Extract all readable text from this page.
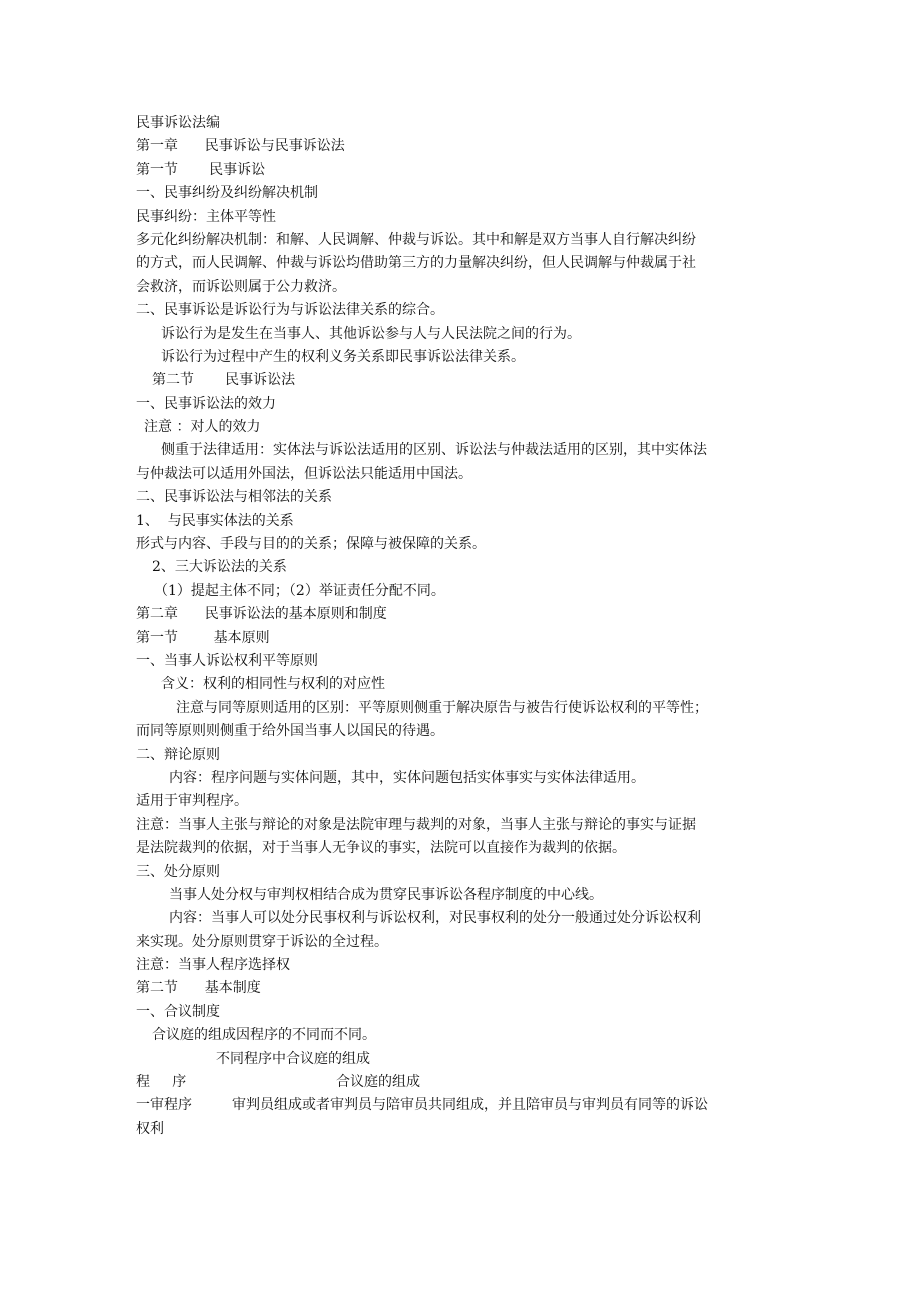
民事诉讼法编
第一章      民事诉讼与民事诉讼法
第一节       民事诉讼
一、民事纠纷及纠纷解决机制
民事纠纷：主体平等性
多元化纠纷解决机制：和解、人民调解、仲裁与诉讼。其中和解是双方当事人自行解决纠纷
的方式，而人民调解、仲裁与诉讼均借助第三方的力量解决纠纷，但人民调解与仲裁属于社
会救济，而诉讼则属于公力救济。
二、民事诉讼是诉讼行为与诉讼法律关系的综合。
诉讼行为是发生在当事人、其他诉讼参与人与人民法院之间的行为。
诉讼行为过程中产生的权利义务关系即民事诉讼法律关系。
第二节       民事诉讼法
一、民事诉讼法的效力
注意 ：对人的效力
侧重于法律适用：实体法与诉讼法适用的区别、诉讼法与仲裁法适用的区别，其中实体法
与仲裁法可以适用外国法，但诉讼法只能适用中国法。
二、民事诉讼法与相邻法的关系
1、  与民事实体法的关系
形式与内容、手段与目的的关系；保障与被保障的关系。
2、三大诉讼法的关系
（1）提起主体不同；（2）举证责任分配不同。
第二章      民事诉讼法的基本原则和制度
第一节        基本原则
一、当事人诉讼权利平等原则
含义：权利的相同性与权利的对应性
注意与同等原则适用的区别：平等原则侧重于解决原告与被告行使诉讼权利的平等性；
而同等原则则侧重于给外国当事人以国民的待遇。
二、辩论原则
内容：程序问题与实体问题，其中，实体问题包括实体事实与实体法律适用。
适用于审判程序。
注意：当事人主张与辩论的对象是法院审理与裁判的对象，当事人主张与辩论的事实与证据
是法院裁判的依据，对于当事人无争议的事实，法院可以直接作为裁判的依据。
三、处分原则
当事人处分权与审判权相结合成为贯穿民事诉讼各程序制度的中心线。
内容：当事人可以处分民事权利与诉讼权利，对民事权利的处分一般通过处分诉讼权利
来实现。处分原则贯穿于诉讼的全过程。
注意：当事人程序选择权
第二节      基本制度
一、合议制度
合议庭的组成因程序的不同而不同。
不同程序中合议庭的组成
程     序	合议庭的组成
一审程序	审判员组成或者审判员与陪审员共同组成，并且陪审员与审判员有同等的诉讼
权利
